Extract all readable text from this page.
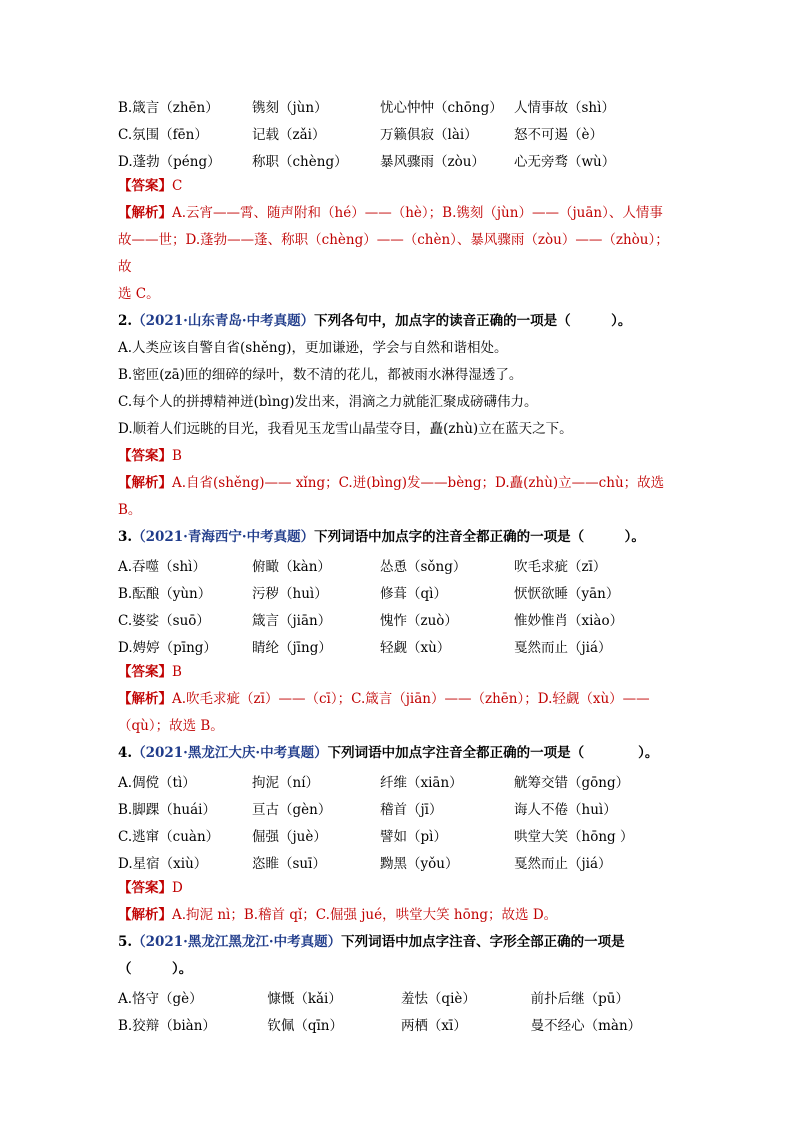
B.箴言（zhēn）	镌刻（jùn）	忧心忡忡（chōng） 人情事故（shì）
C.氛围（fēn）	记载（zǎi）	万籁俱寂（lài）	怒不可遏（è）
D.蓬勃（péng）	称职（chèng）	暴风骤雨（zòu）	心无旁骛（wù）
【答案】C
【解析】A.云宵——霄、随声附和（hé）——（hè）；B.镌刻（jùn）——（juān）、人情事
故——世；D.蓬勃——蓬、称职（chèng）——（chèn）、暴风骤雨（zòu）——（zhòu）；故
选 C。
2.（2021·山东青岛·中考真题）下列各句中，加点字的读音正确的一项是（　　　）。
A.人类应该自警自省(shěng)，更加谦逊，学会与自然和谐相处。
B.密匝(zā)匝的细碎的绿叶，数不清的花儿，都被雨水淋得湿透了。
C.每个人的拼搏精神迸(bìng)发出来，涓滴之力就能汇聚成磅礴伟力。
D.顺着人们远眺的目光，我看见玉龙雪山晶莹夺目，矗(zhù)立在蓝天之下。
【答案】B
【解析】A.自省(shěng)—— xǐng；C.迸(bìng)发——bèng；D.矗(zhù)立——chù；故选
B。
3.（2021·青海西宁·中考真题）下列词语中加点字的注音全都正确的一项是（　　　）。
A.吞噬（shì）	俯瞰（kàn）	怂恿（sǒng）	吹毛求疵（zī）
B.酝酿（yùn）	污秽（huì）	修葺（qì）	恹恹欲睡（yān）
C.婆娑（suō）	箴言（jiān）	愧怍（zuò）	惟妙惟肖（xiào）
D.娉婷（pīng）	睛纶（jīng）	轻觑（xù）	戛然而止（jiá）
【答案】B
【解析】A.吹毛求疵（zī）——（cī）；C.箴言（jiān）——（zhēn）；D.轻觑（xù）——
（qù）；故选 B。
4.（2021·黑龙江大庆·中考真题）下列词语中加点字注音全都正确的一项是（　　　　）。
A.倜傥（tì）	拘泥（ní）	纤维（xiān）	觥筹交错（gōng）
B.脚踝（huái）	亘古（gèn）	稽首（jī）	诲人不倦（huì）
C.逃窜（cuàn）	倔强（juè）	譬如（pì）	哄堂大笑（hōng ）
D.星宿（xiù）	恣睢（suī）	黝黑（yǒu）	戛然而止（jiá）
【答案】D
【解析】A.拘泥 nì；B.稽首 qǐ；C.倔强 jué，哄堂大笑 hōng；故选 D。
5.（2021·黑龙江黑龙江·中考真题）下列词语中加点字注音、字形全部正确的一项是
（　　　）。
A.恪守（gè）	慷慨（kǎi）	羞怯（qiè）	前扑后继（pū）
B.狡辩（biàn）	钦佩（qīn）	两栖（xī）	曼不经心（màn）
